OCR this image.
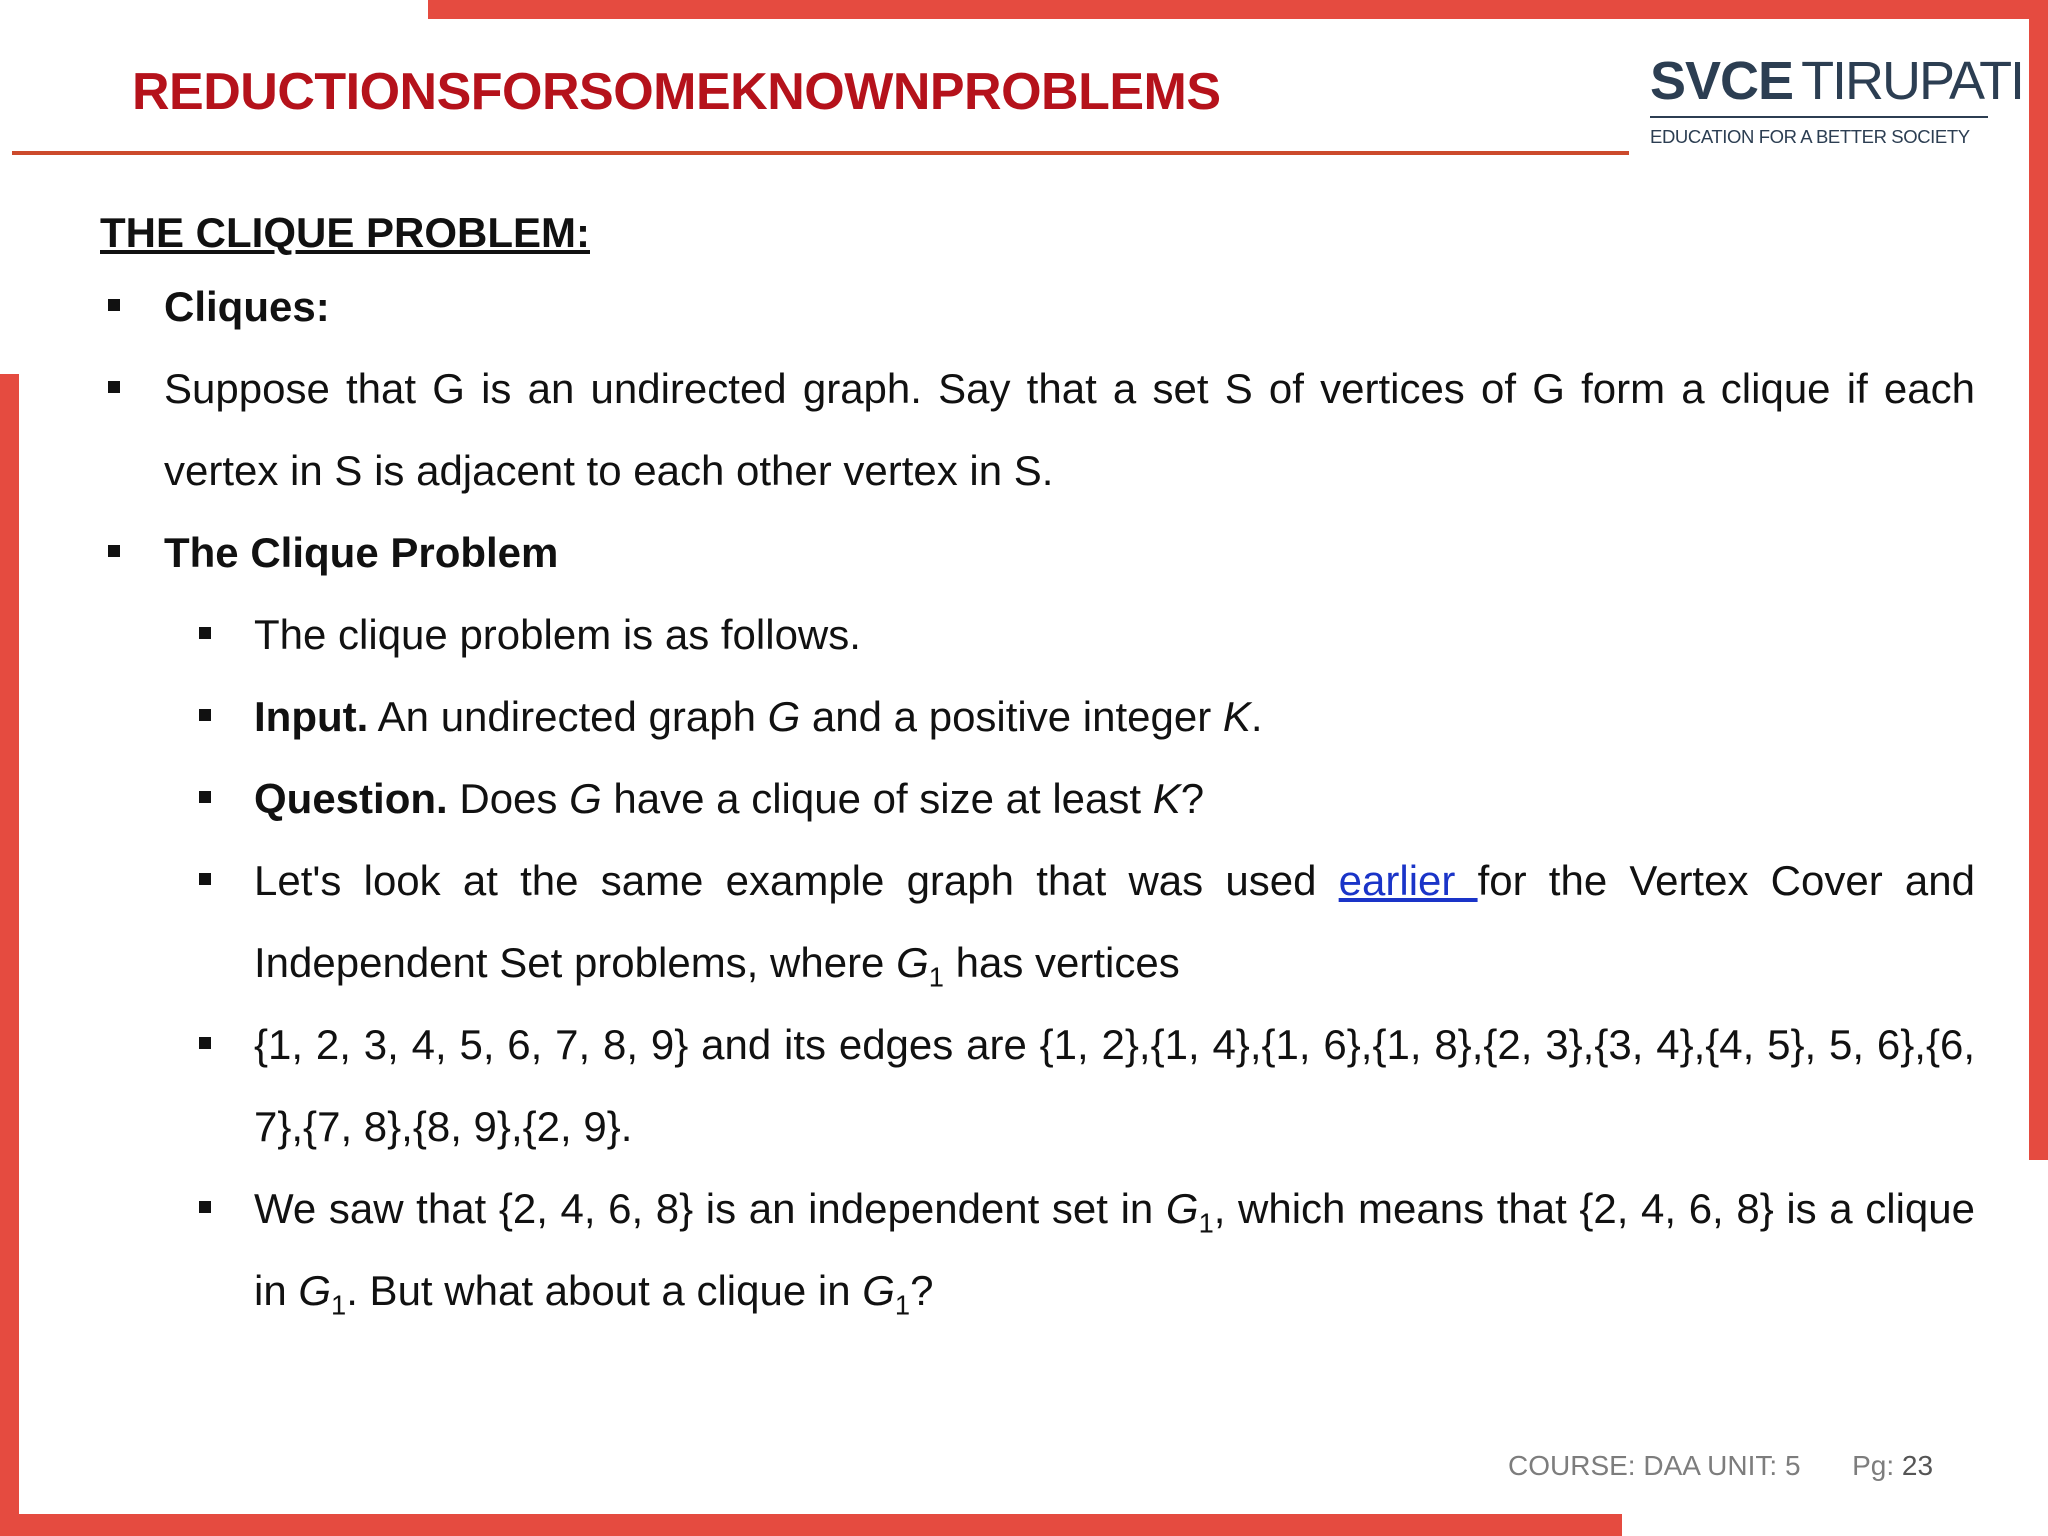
REDUCTIONSFORSOMEKNOWNPROBLEMS	SVCE TIRUPATI
EDUCATION FOR A BETTER SOCIETY

THE CLIQUE PROBLEM:

Cliques:
Suppose that G is an undirected graph. Say that a set S of vertices of G form a clique if each vertex in S is adjacent to each other vertex in S.
The Clique Problem
The clique problem is as follows.
Input. An undirected graph G and a positive integer K.
Question. Does G have a clique of size at least K?
Let's look at the same example graph that was used earlier for the Vertex Cover and Independent Set problems, where $G_1$ has vertices
{1, 2, 3, 4, 5, 6, 7, 8, 9} and its edges are {1, 2},{1, 4},{1, 6},{1, 8},{2, 3},{3, 4},{4, 5}, 5, 6},{6, 7},{7, 8},{8, 9},{2, 9}.
We saw that {2, 4, 6, 8} is an independent set in $G_1$, which means that {2, 4, 6, 8} is a clique in $G_1$. But what about a clique in $G_1$?
COURSE: DAA UNIT: 5 Pg: 23
